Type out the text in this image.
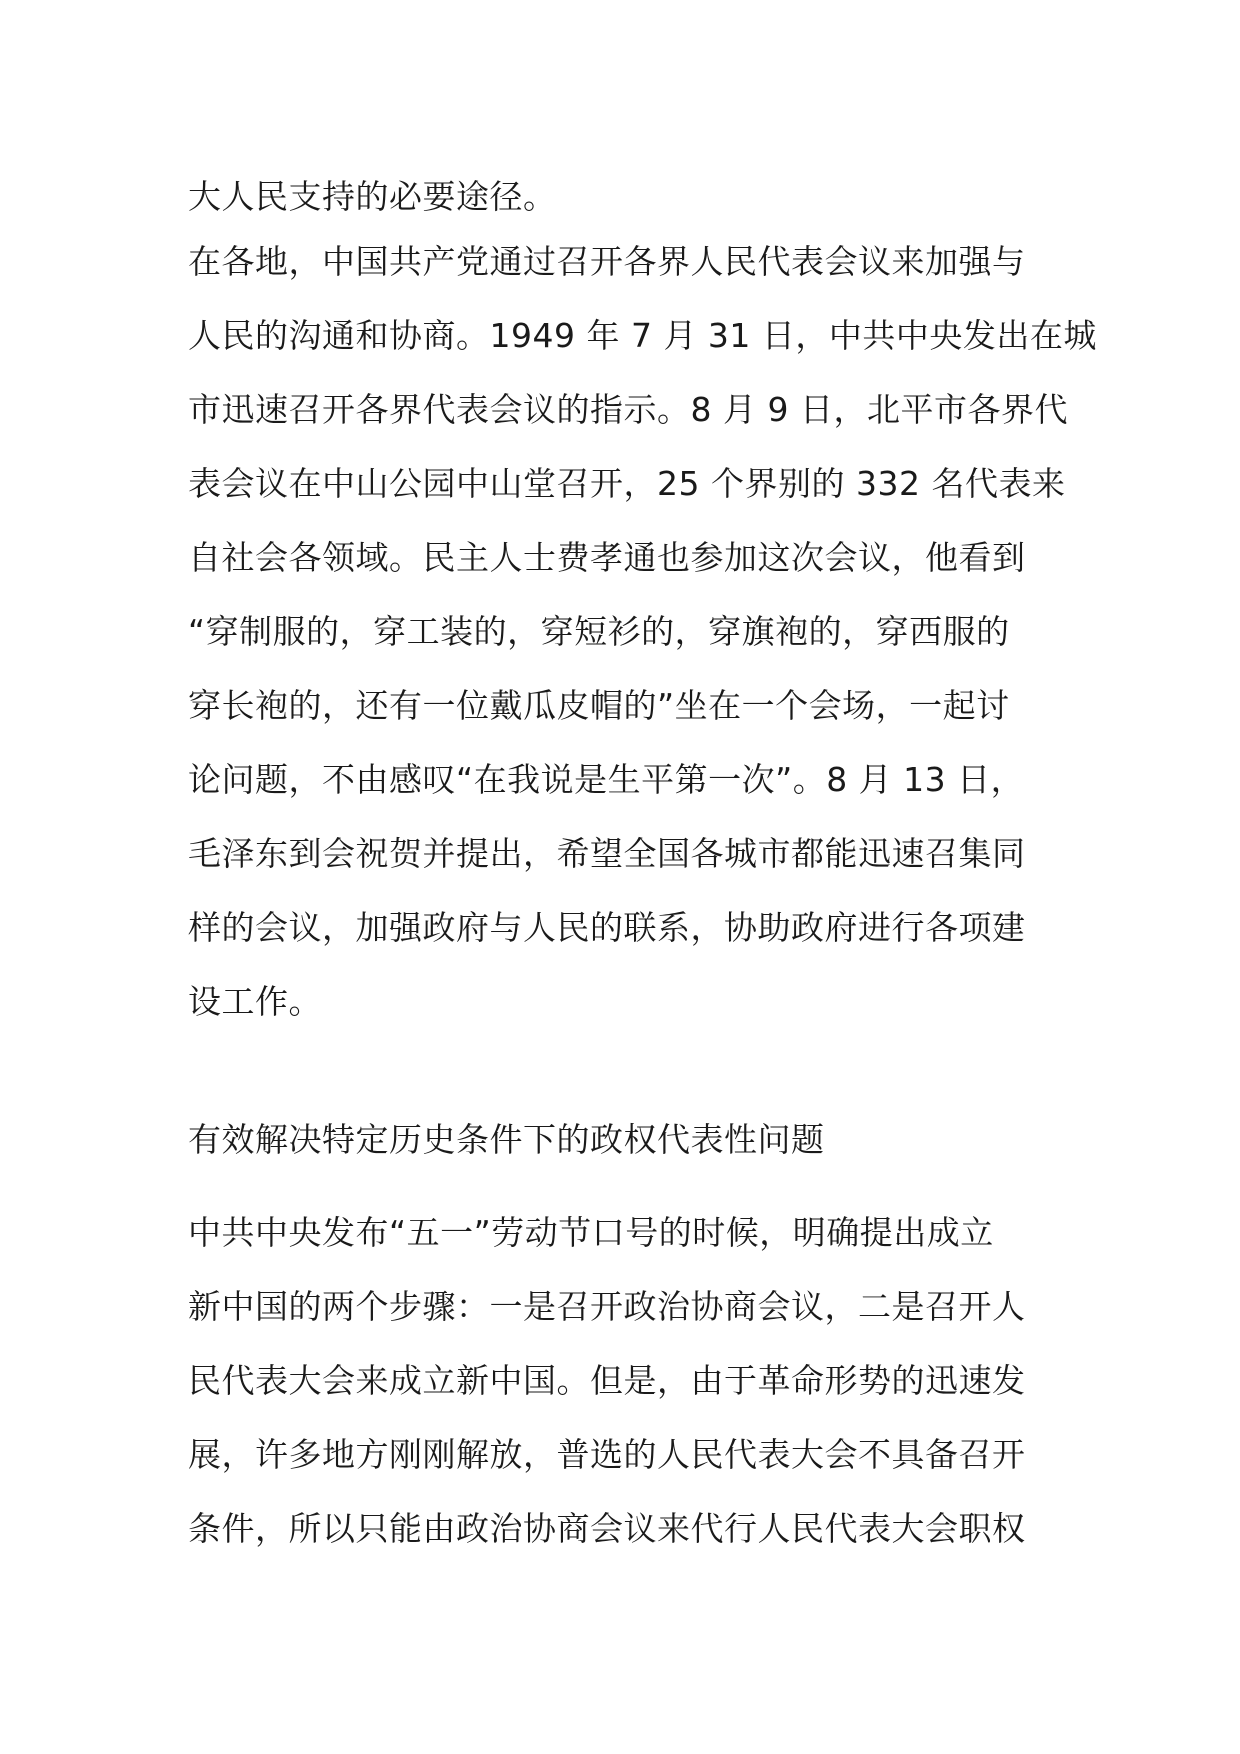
大人民支持的必要途径。
在各地，中国共产党通过召开各界人民代表会议来加强与
人民的沟通和协商。1949 年 7 月 31 日，中共中央发出在城
市迅速召开各界代表会议的指示。8 月 9 日，北平市各界代
表会议在中山公园中山堂召开，25 个界别的 332 名代表来
自社会各领域。民主人士费孝通也参加这次会议，他看到
“穿制服的，穿工装的，穿短衫的，穿旗袍的，穿西服的
穿长袍的，还有一位戴瓜皮帽的”坐在一个会场，一起讨
论问题，不由感叹“在我说是生平第一次”。8 月 13 日，
毛泽东到会祝贺并提出，希望全国各城市都能迅速召集同
样的会议，加强政府与人民的联系，协助政府进行各项建
设工作。
有效解决特定历史条件下的政权代表性问题
中共中央发布“五一”劳动节口号的时候，明确提出成立
新中国的两个步骤：一是召开政治协商会议，二是召开人
民代表大会来成立新中国。但是，由于革命形势的迅速发
展，许多地方刚刚解放，普选的人民代表大会不具备召开
条件，所以只能由政治协商会议来代行人民代表大会职权
